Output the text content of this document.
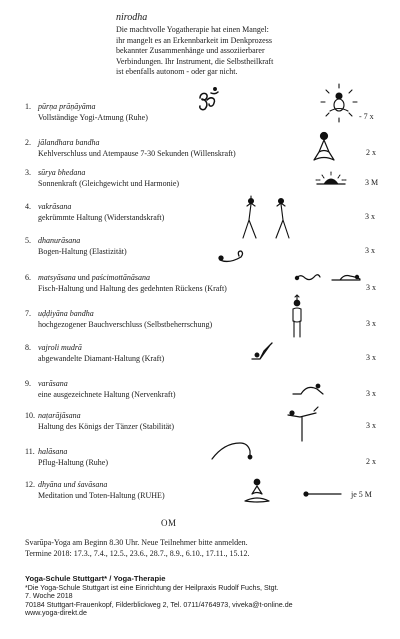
nirodha
Die machtvolle Yogatherapie hat einen Mangel:
ihr mangelt es an Erkennbarkeit im Denkprozess
bekannter Zusammenhänge und assoziierbarer
Verbindungen. Ihr Instrument, die Selbstheilkraft
ist ebenfalls autonom - oder gar nicht.
1. pūrṇa prāṇāyāma
Vollständige Yogi-Atmung (Ruhe)	- 7 x
2. jālandhara bandha
Kehlverschluss und Atempause 7-30 Sekunden (Willenskraft)	2 x
3. sūrya bhedana
Sonnenkraft (Gleichgewicht und Harmonie)	3 M
4. vakrāsana
gekrümmte Haltung (Widerstandskraft)	3 x
5. dhanurāsana
Bogen-Haltung (Elastizität)	3 x
6. matsyāsana und paścimottānāsana
Fisch-Haltung und Haltung des gedehnten Rückens (Kraft)	3 x
7. uḍḍiyāna bandha
hochgezogener Bauchverschluss (Selbstbeherrschung)	3 x
8. vajroli mudrā
abgewandelte Diamant-Haltung (Kraft)	3 x
9. varāsana
eine ausgezeichnete Haltung (Nervenkraft)	3 x
10. naṭarājāsana
Haltung des Königs der Tänzer (Stabilität)	3 x
11. halāsana
Pflug-Haltung (Ruhe)	2 x
12. dhyāna und śavāsana
Meditation und Toten-Haltung (RUHE)	je 5 M
OM
Svarūpa-Yoga am Beginn 8.30 Uhr. Neue Teilnehmer bitte anmelden.
Termine 2018: 17.3., 7.4., 12.5., 23.6., 28.7., 8.9., 6.10., 17.11., 15.12.
Yoga-Schule Stuttgart* / Yoga-Therapie
*Die Yoga-Schule Stuttgart ist eine Einrichtung der Heilpraxis Rudolf Fuchs, Stgt.
7. Woche 2018
70184 Stuttgart-Frauenkopf, Filderblickweg 2, Tel. 0711/4764973, viveka@t-online.de
www.yoga-direkt.de
